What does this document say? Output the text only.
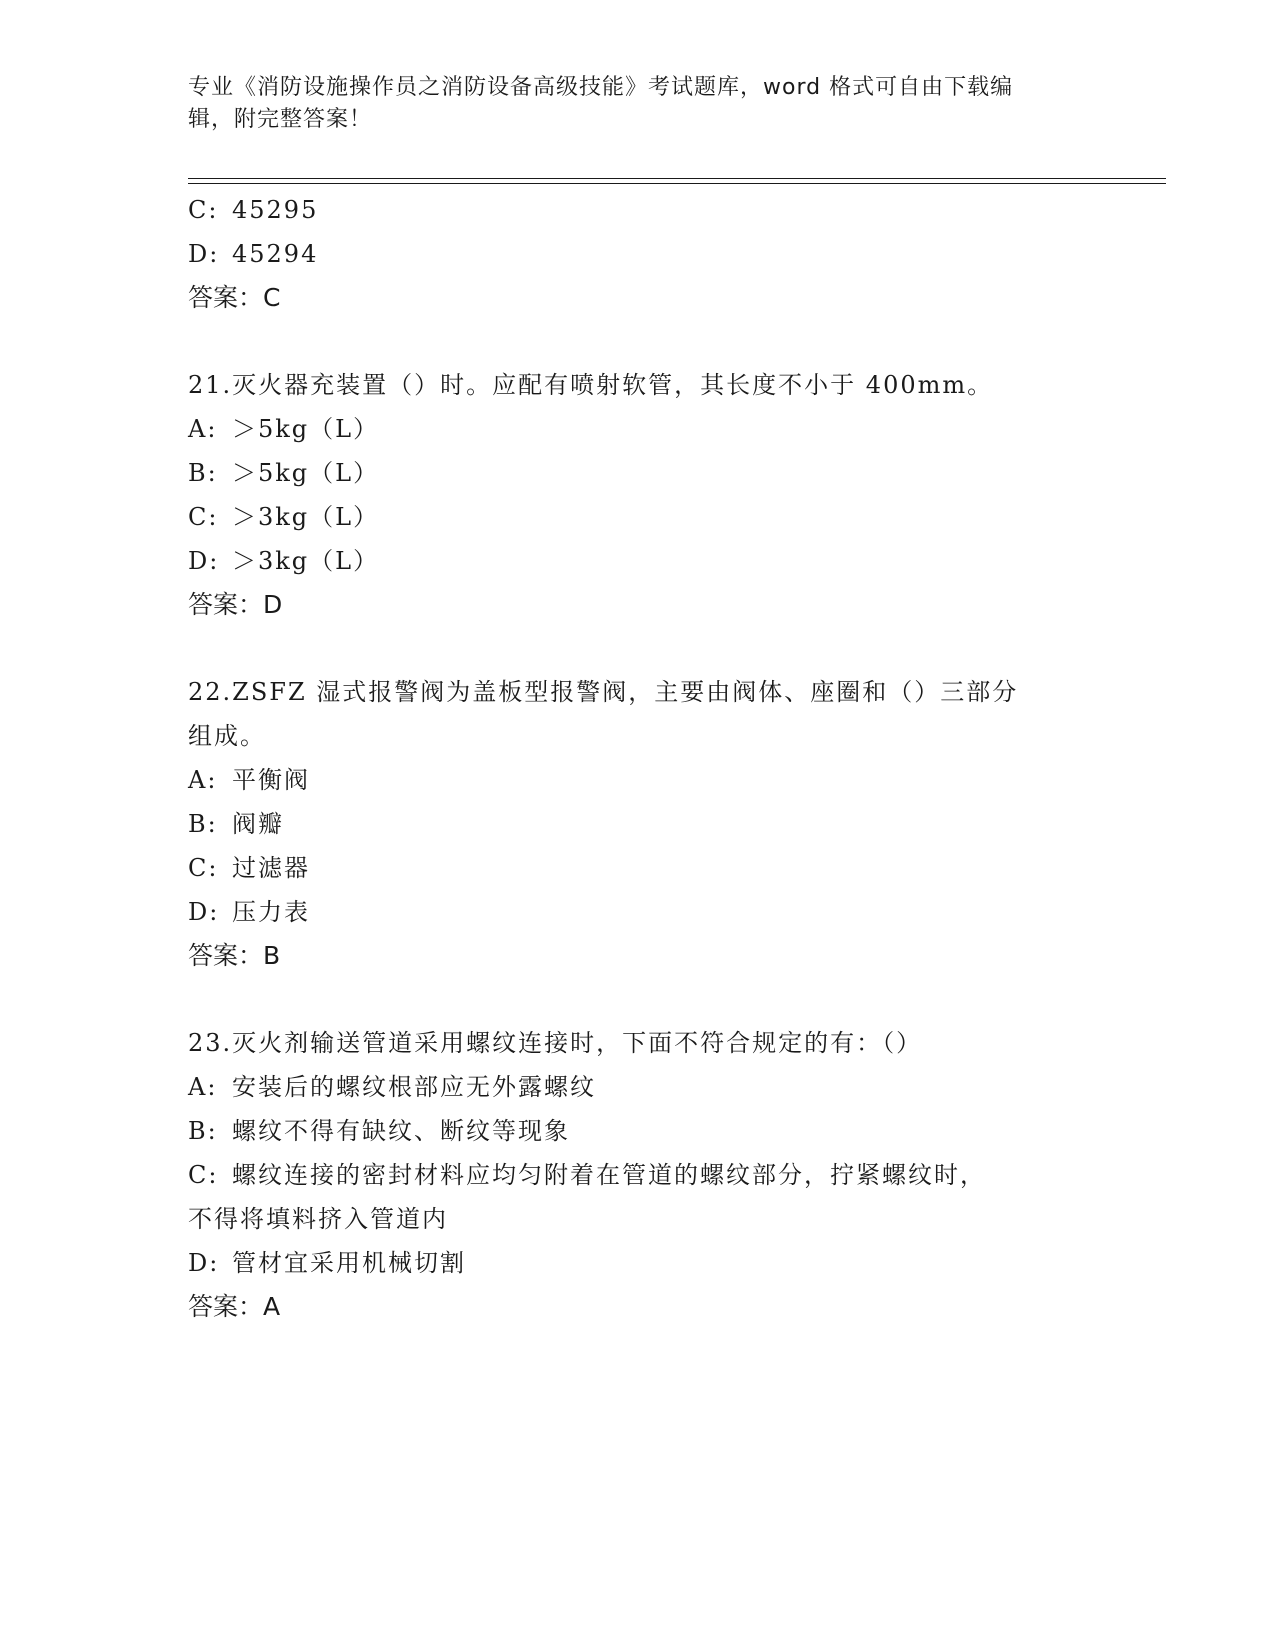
专业《消防设施操作员之消防设备高级技能》考试题库，word 格式可自由下载编
辑，附完整答案！
C: 45295
D: 45294
答案：C
21.灭火器充装置（）时。应配有喷射软管，其长度不小于 400mm。
A: ＞5kg（L）
B: ＞5kg（L）
C: ＞3kg（L）
D: ＞3kg（L）
答案：D
22.ZSFZ 湿式报警阀为盖板型报警阀，主要由阀体、座圈和（）三部分
组成。
A: 平衡阀
B: 阀瓣
C: 过滤器
D: 压力表
答案：B
23.灭火剂输送管道采用螺纹连接时，下面不符合规定的有：（）
A: 安装后的螺纹根部应无外露螺纹
B: 螺纹不得有缺纹、断纹等现象
C: 螺纹连接的密封材料应均匀附着在管道的螺纹部分，拧紧螺纹时，
不得将填料挤入管道内
D: 管材宜采用机械切割
答案：A
